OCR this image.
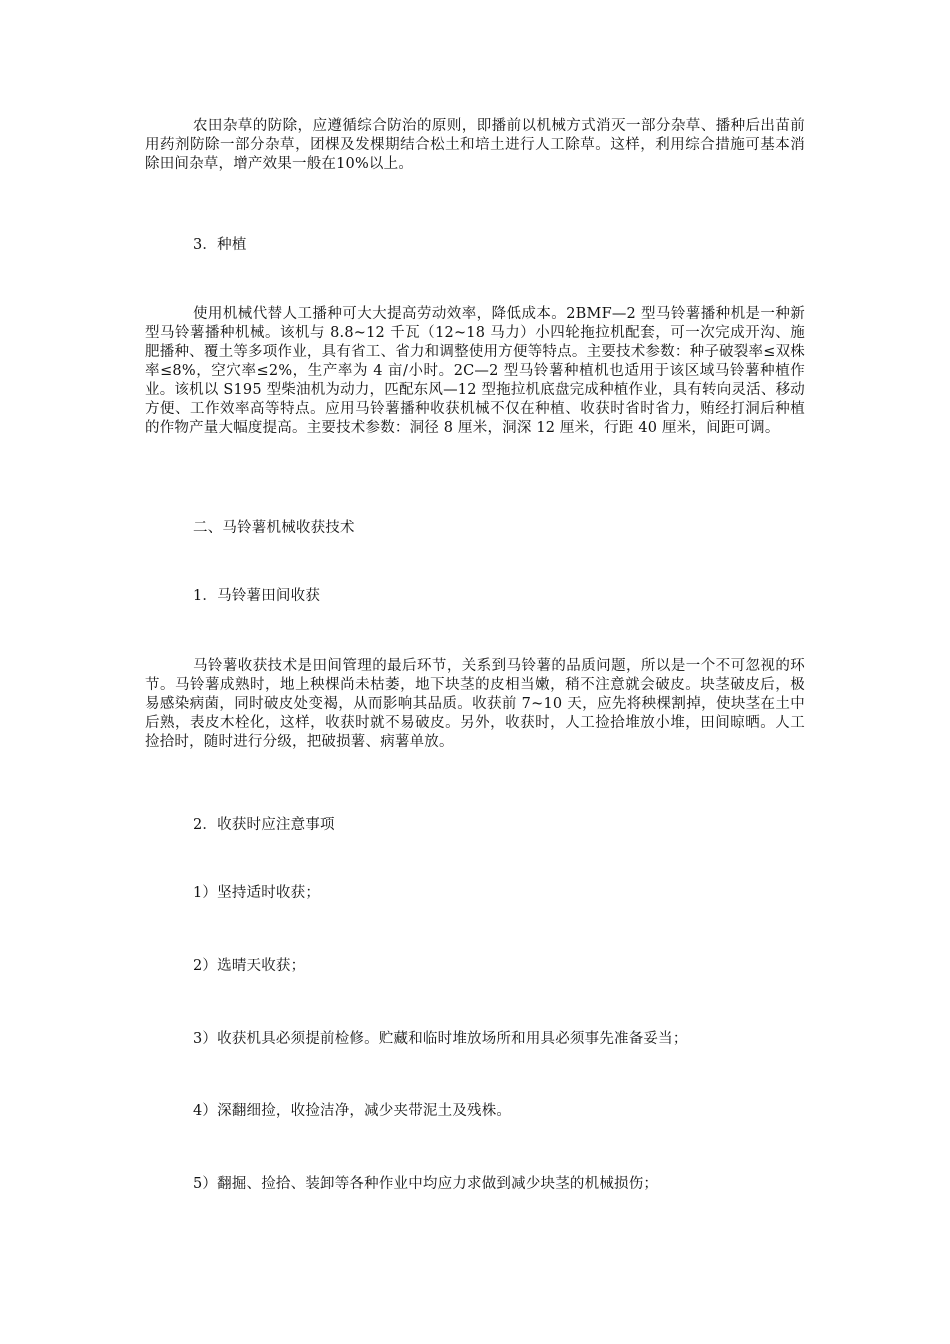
农田杂草的防除，应遵循综合防治的原则，即播前以机械方式消灭一部分杂草、播种后出苗前用药剂防除一部分杂草，团棵及发棵期结合松土和培土进行人工除草。这样，利用综合措施可基本消除田间杂草，增产效果一般在10%以上。

3．种植

使用机械代替人工播种可大大提高劳动效率，降低成本。2BMF—2 型马铃薯播种机是一种新型马铃薯播种机械。该机与 8.8~12 千瓦（12~18 马力）小四轮拖拉机配套，可一次完成开沟、施肥播种、覆土等多项作业，具有省工、省力和调整使用方便等特点。主要技术参数：种子破裂率≤双株率≤8%，空穴率≤2%，生产率为 4 亩/小时。2C—2 型马铃薯种植机也适用于该区域马铃薯种植作业。该机以 S195 型柴油机为动力，匹配东风—12 型拖拉机底盘完成种植作业，具有转向灵活、移动方便、工作效率高等特点。应用马铃薯播种收获机械不仅在种植、收获时省时省力，贿经打洞后种植的作物产量大幅度提高。主要技术参数：洞径 8 厘米，洞深 12 厘米，行距 40 厘米，间距可调。

二、马铃薯机械收获技术

1．马铃薯田间收获

马铃薯收获技术是田间管理的最后环节，关系到马铃薯的品质问题，所以是一个不可忽视的环节。马铃薯成熟时，地上秧棵尚未枯萎，地下块茎的皮相当嫩，稍不注意就会破皮。块茎破皮后，极易感染病菌，同时破皮处变褐，从而影响其品质。收获前 7~10 天，应先将秧棵割掉，使块茎在土中后熟，表皮木栓化，这样，收获时就不易破皮。另外，收获时，人工捡拾堆放小堆，田间晾晒。人工捡拾时，随时进行分级，把破损薯、病薯单放。

2．收获时应注意事项

1）坚持适时收获；

2）选晴天收获；

3）收获机具必须提前检修。贮藏和临时堆放场所和用具必须事先准备妥当；

4）深翻细捡，收捡洁净，减少夹带泥土及残株。

5）翻掘、捡拾、装卸等各种作业中均应力求做到减少块茎的机械损伤；
